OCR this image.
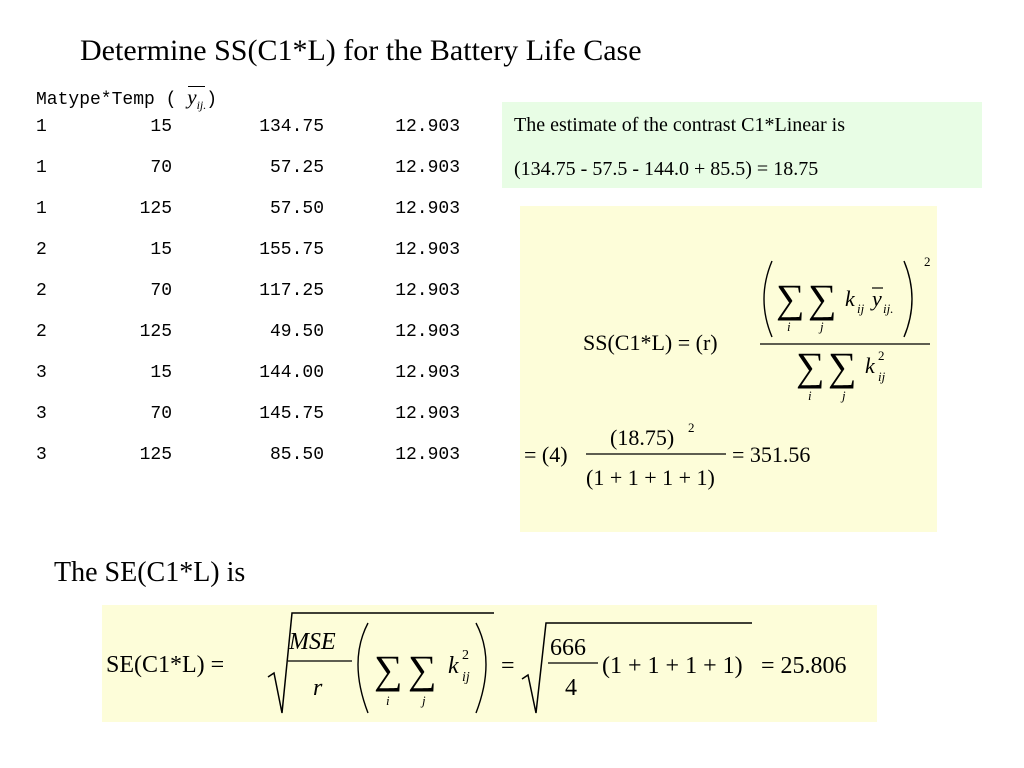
Determine SS(C1*L) for the Battery Life Case
Matype*Temp (
$y_{ij.}$)
1	15	134.75	12.903
1	70	57.25	12.903
1	125	57.50	12.903
2	15	155.75	12.903
2	70	117.25	12.903
2	125	49.50	12.903
3	15	144.00	12.903
3	70	145.75	12.903
3	125	85.50	12.903
The estimate of the contrast C1*Linear is
(134.75 - 57.5 - 144.0 + 85.5) = 18.75
SS(C1*L) = (r)
2
∑ ∑
i j
k ij y ij.
∑ ∑
i j
k 2
ij
= (4)
(18.75) 2
(1 + 1 + 1 + 1)
= 351.56
The SE(C1*L) is
SE(C1*L) =
MSE
r ∑ ∑
i j
k 2
ij =
666
4
(1 + 1 + 1 + 1) = 25.806
